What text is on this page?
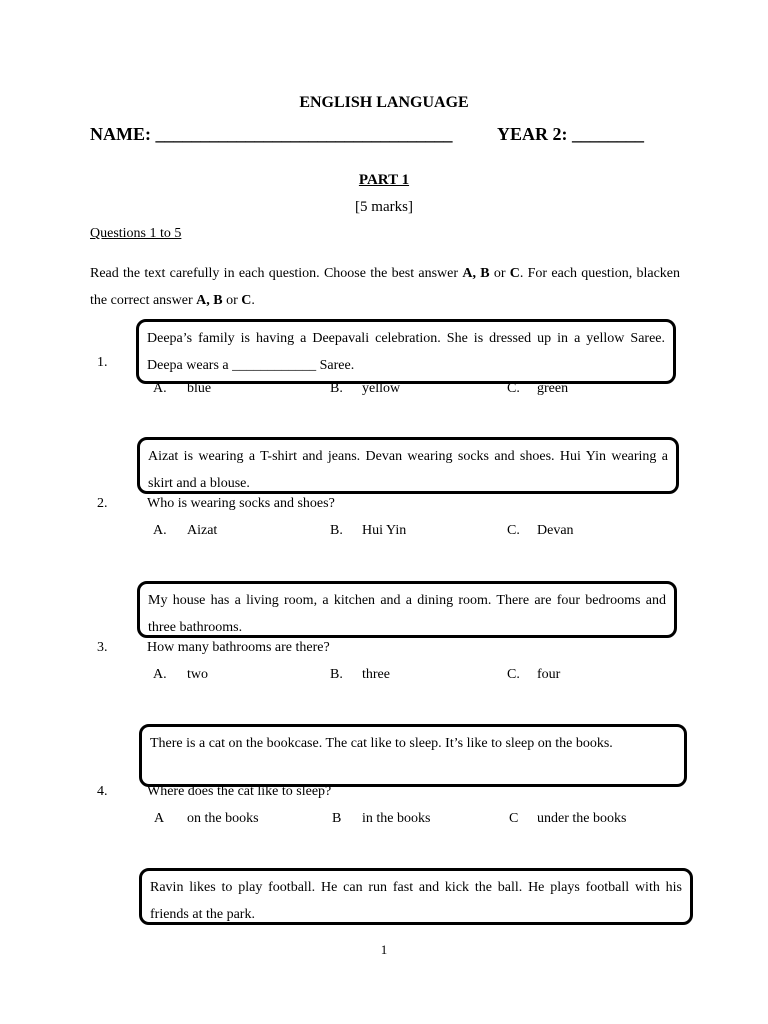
ENGLISH LANGUAGE
NAME: _________________________________ YEAR 2: ________
PART 1
[5 marks]
Questions 1 to 5
Read the text carefully in each question. Choose the best answer A, B or C. For each question, blacken the correct answer A, B or C.
Deepa’s family is having a Deepavali celebration. She is dressed up in a yellow Saree. Deepa wears a ____________ Saree.
1.
A. blue	B. yellow	C. green
Aizat is wearing a T-shirt and jeans. Devan wearing socks and shoes. Hui Yin wearing a skirt and a blouse.
2.	Who is wearing socks and shoes?
A. Aizat	B. Hui Yin	C. Devan
My house has a living room, a kitchen and a dining room. There are four bedrooms and three bathrooms.
3.	How many bathrooms are there?
A. two	B. three	C. four
There is a cat on the bookcase. The cat like to sleep. It’s like to sleep on the books.
4.	Where does the cat like to sleep?
A on the books	B in the books	C under the books
Ravin likes to play football. He can run fast and kick the ball. He plays football with his friends at the park.
1
